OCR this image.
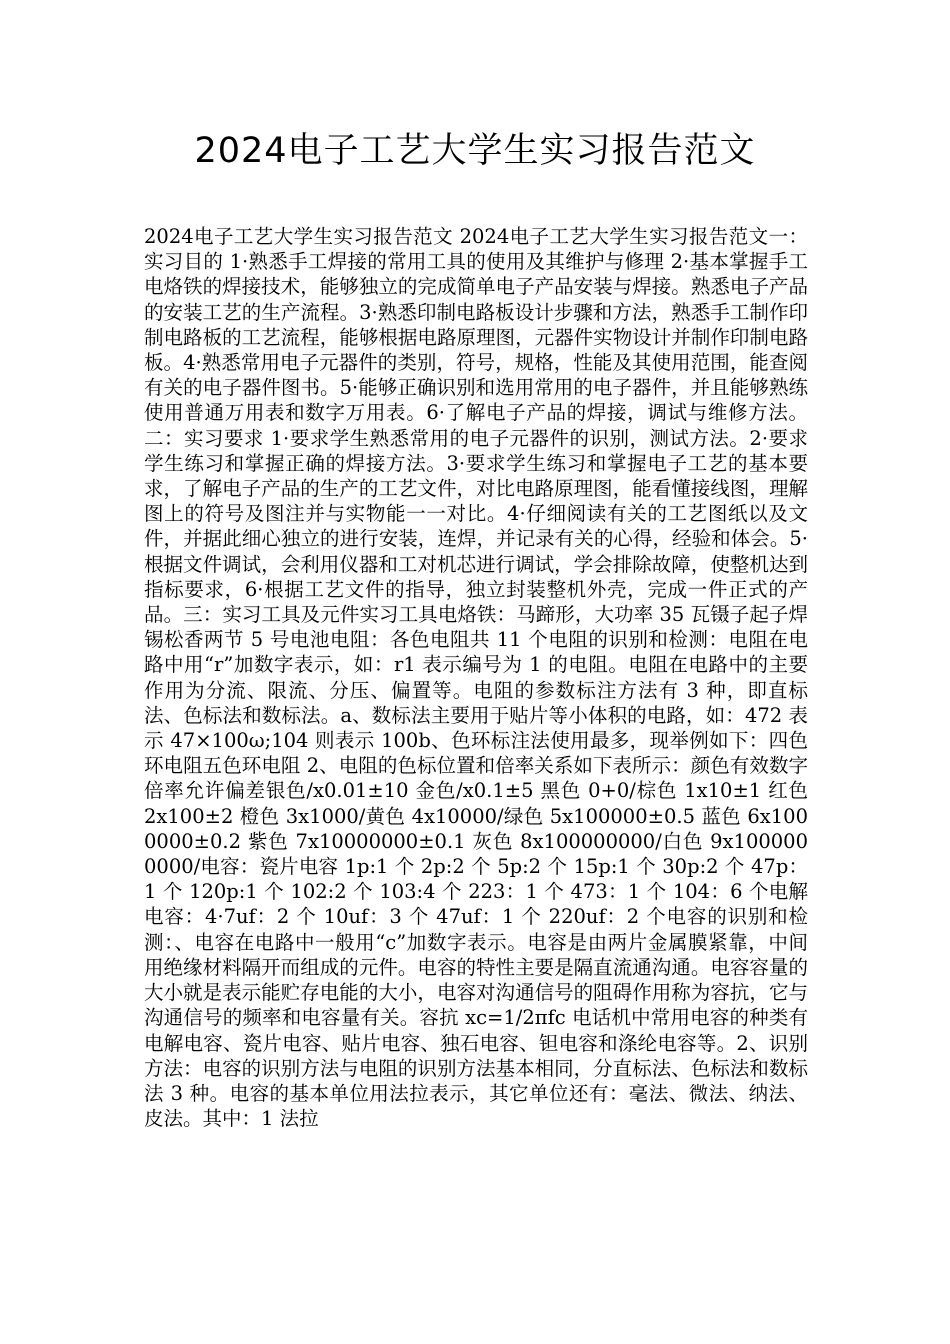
2024电子工艺大学生实习报告范文

2024电子工艺大学生实习报告范文 2024电子工艺大学生实习报告范文一：实习目的 1·熟悉手工焊接的常用工具的使用及其维护与修理 2·基本掌握手工电烙铁的焊接技术，能够独立的完成简单电子产品安装与焊接。熟悉电子产品的安装工艺的生产流程。3·熟悉印制电路板设计步骤和方法，熟悉手工制作印制电路板的工艺流程，能够根据电路原理图，元器件实物设计并制作印制电路板。4·熟悉常用电子元器件的类别，符号，规格，性能及其使用范围，能查阅有关的电子器件图书。5·能够正确识别和选用常用的电子器件，并且能够熟练使用普通万用表和数字万用表。6·了解电子产品的焊接，调试与维修方法。二：实习要求 1·要求学生熟悉常用的电子元器件的识别，测试方法。2·要求学生练习和掌握正确的焊接方法。3·要求学生练习和掌握电子工艺的基本要求，了解电子产品的生产的工艺文件，对比电路原理图，能看懂接线图，理解图上的符号及图注并与实物能一一对比。4·仔细阅读有关的工艺图纸以及文件，并据此细心独立的进行安装，连焊，并记录有关的心得，经验和体会。5·根据文件调试，会利用仪器和工对机芯进行调试，学会排除故障，使整机达到指标要求，6·根据工艺文件的指导，独立封装整机外壳，完成一件正式的产品。三：实习工具及元件实习工具电烙铁：马蹄形，大功率 35 瓦镊子起子焊锡松香两节 5 号电池电阻：各色电阻共 11 个电阻的识别和检测：电阻在电路中用“r”加数字表示，如：r1 表示编号为 1 的电阻。电阻在电路中的主要作用为分流、限流、分压、偏置等。电阻的参数标注方法有 3 种，即直标法、色标法和数标法。a、数标法主要用于贴片等小体积的电路，如：472 表示 47×100ω;104 则表示 100b、色环标注法使用最多，现举例如下：四色环电阻五色环电阻 2、电阻的色标位置和倍率关系如下表所示：颜色有效数字倍率允许偏差银色/x0.01±10 金色/x0.1±5 黑色 0+0/棕色 1x10±1 红色 2x100±2 橙色 3x1000/黄色 4x10000/绿色 5x100000±0.5 蓝色 6x1000000±0.2 紫色 7x10000000±0.1 灰色 8x100000000/白色 9x1000000000/电容：瓷片电容 1p:1 个 2p:2 个 5p:2 个 15p:1 个 30p:2 个 47p：1 个 120p:1 个 102:2 个 103:4 个 223：1 个 473：1 个 104：6 个电解电容：4·7uf：2 个 10uf：3 个 47uf：1 个 220uf：2 个电容的识别和检测：、电容在电路中一般用“c”加数字表示。电容是由两片金属膜紧靠，中间用绝缘材料隔开而组成的元件。电容的特性主要是隔直流通沟通。电容容量的大小就是表示能贮存电能的大小，电容对沟通信号的阻碍作用称为容抗，它与沟通信号的频率和电容量有关。容抗 xc=1/2πfc 电话机中常用电容的种类有电解电容、瓷片电容、贴片电容、独石电容、钽电容和涤纶电容等。2、识别方法：电容的识别方法与电阻的识别方法基本相同，分直标法、色标法和数标法 3 种。电容的基本单位用法拉表示，其它单位还有：毫法、微法、纳法、皮法。其中：1 法拉
